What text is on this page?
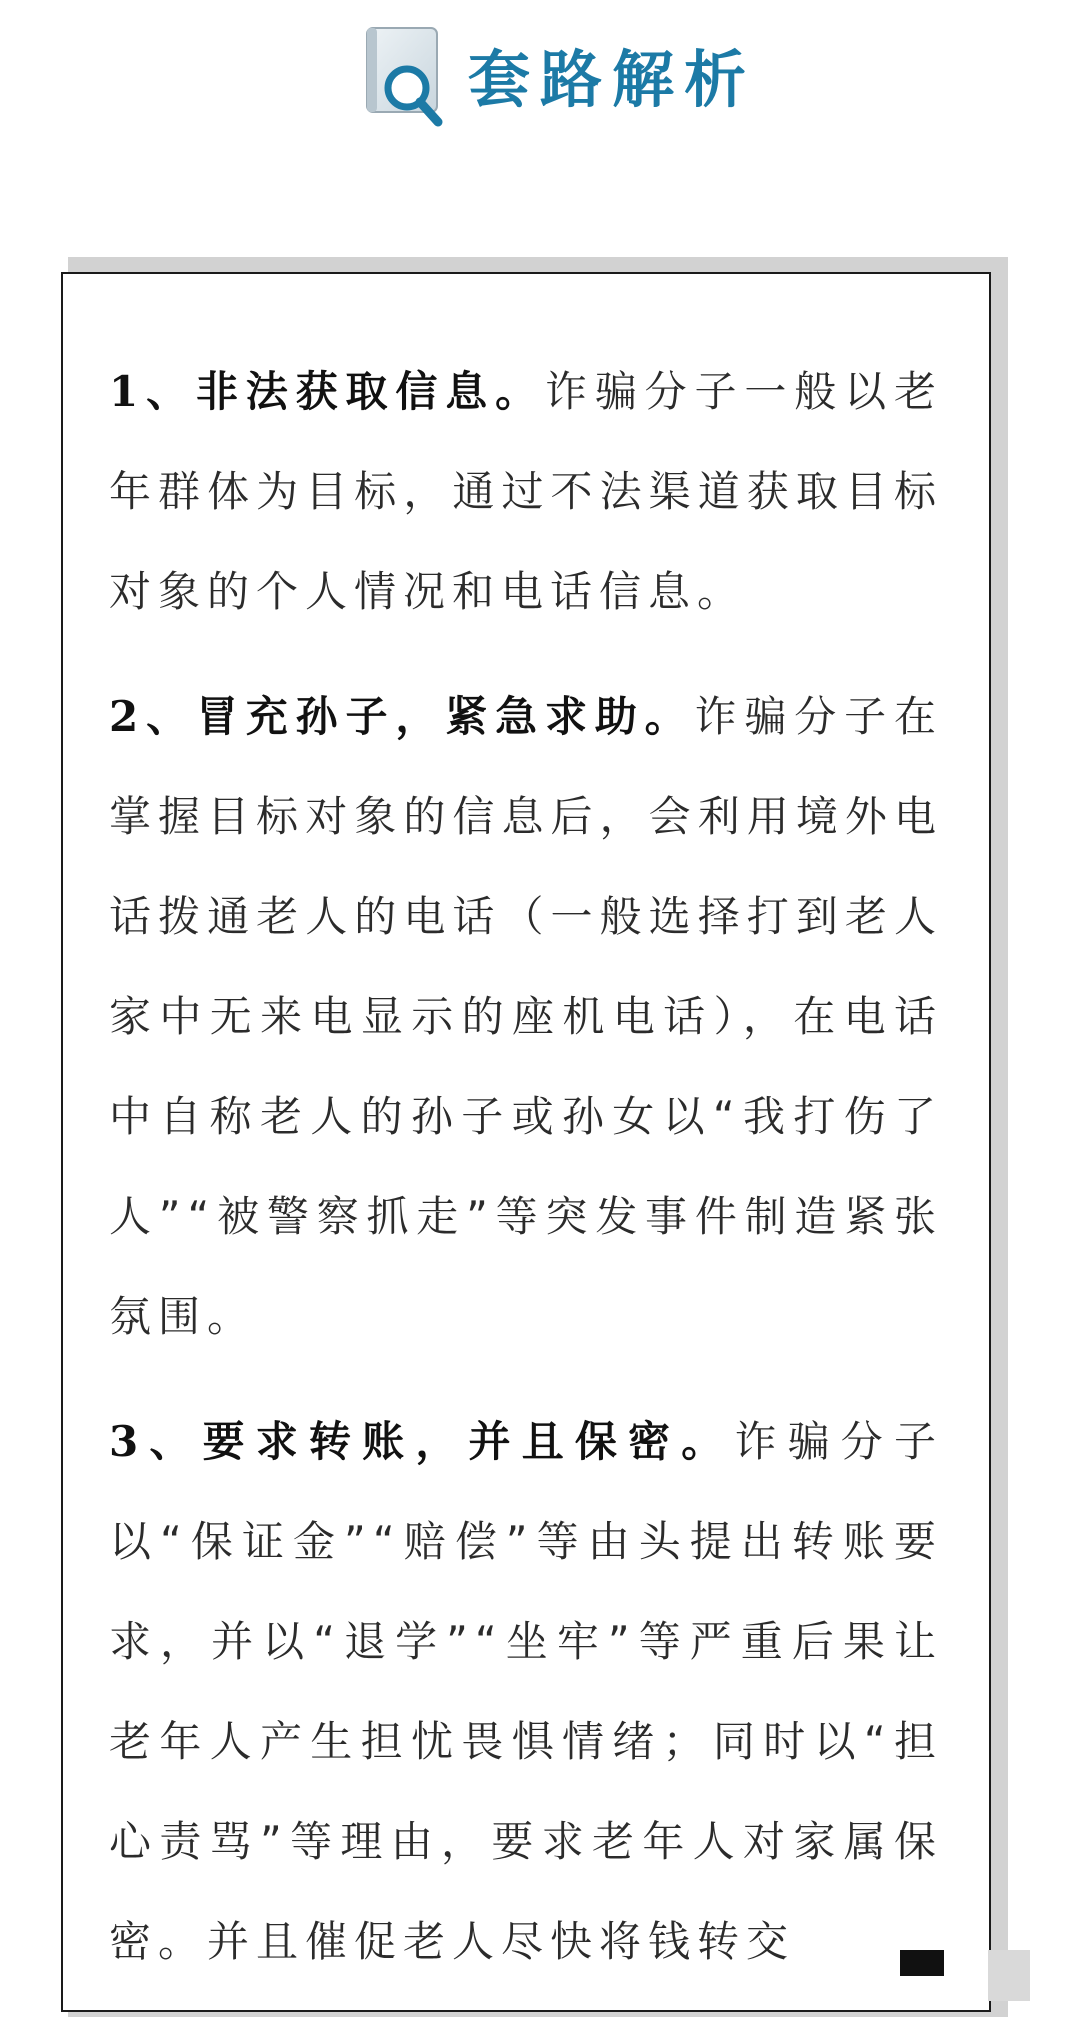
套路解析

1、非法获取信息。诈骗分子一般以老年群体为目标，通过不法渠道获取目标对象的个人情况和电话信息。

2、冒充孙子，紧急求助。诈骗分子在掌握目标对象的信息后，会利用境外电话拨通老人的电话（一般选择打到老人家中无来电显示的座机电话），在电话中自称老人的孙子或孙女以“我打伤了人”“被警察抓走”等突发事件制造紧张氛围。

3、要求转账，并且保密。诈骗分子以“保证金”“赔偿”等由头提出转账要求，并以“退学”“坐牢”等严重后果让老年人产生担忧畏惧情绪；同时以“担心责骂”等理由，要求老年人对家属保密。并且催促老人尽快将钱转交
